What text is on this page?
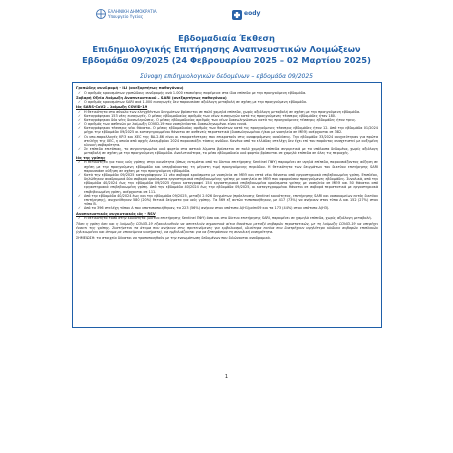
ΕΛΛΗΝΙΚΗ ΔΗΜΟΚΡΑΤΙΑ
Υπουργείο Υγείας	eody
Εβδομαδιαία Έκθεση
Επιδημιολογικής Επιτήρησης Αναπνευστικών Λοιμώξεων
Εβδομάδα 09/2025 (24 Φεβρουαρίου 2025 – 02 Μαρτίου 2025)
Σύνοψη επιδημιολογικών δεδομένων – εβδομάδα 09/2025
Γριπώδης συνδρομή - ILI (ανεξαρτήτως παθογόνου)
✓ Ο αριθμός κρουσμάτων γριπώδους συνδρομής ανά 1.000 επισκέψεις παρέμεινε στα ίδια επίπεδα με την προηγούμενη εβδομάδα.
Σοβαρή Οξεία Λοίμωξη Αναπνευστικού – SARI (ανεξαρτήτως παθογόνου)
✓ Ο αριθμός κρουσμάτων SARI ανά 1.000 εισαγωγές δεν παρουσιάσε αξιόλογη μεταβολή σε σχέση με την προηγούμενη εβδομάδα.
Ιός SARS-CoV2 – λοίμωξη COVID-19
✓ Η θετικότητα στο σύνολο των ελεγχθέντων δειγμάτων βρίσκεται σε πολύ χαμηλά επίπεδα, χωρίς αξιόλογη μεταβολή σε σχέση με την προηγούμενη εβδομάδα.
✓ Καταγράφηκαν 153 νέες εισαγωγές. Ο μέσος εβδομαδιαίος αριθμός των νέων εισαγωγών κατά τις προηγούμενες τέσσερις εβδομάδες ήταν 180.
✓ Καταγράφηκαν δύο νέες διασωληνώσεις. Ο μέσος εβδομαδιαίος αριθμός των νέων διασωληνώσεων κατά τις προηγούμενες τέσσερις εβδομάδες ήταν τρεις.
✓ Ο αριθμός των ασθενών με λοίμωξη COVID-19 που νοσηλεύονται διασωληνωμένοι είναι εννιά.
✓ Καταγράφηκαν τέσσερις νέοι θάνατοι. Ο μέσος εβδομαδιαίος αριθμός των θανάτων κατά τις προηγούμενες τέσσερις εβδομάδες ήταν 12. Από την εβδομάδα 01/2024 μέχρι την εβδομάδα 09/2025 οι καταγεγραμμένοι θάνατοι σε ασθενείς περιστατικά (διασωληνωμένοι ή/και με νοσηλεία σε ΜΕΘ) ανέρχονται σε 382.
✓ Οι υπο-παραλλαγές KP.3 και XEC της BA.2.86 είναι οι επικρατέστερες που επικρατούν στις αναφερόμενες αναλύσεις. Την εβδομάδα 33/2024 ανιχνεύτηκαν για πρώτα στελέχη της XEC, η οποία από αρχές Δεκεμβρίου 2024 παρουσιάζει τάσεις ανόδου. Κανένα από τα ελλάδας στελέχη δεν έχει επί του παρόντος συσχετιστεί με αυξημένη κλινική σοβαρότητα.
✓ Σε επίπεδο επιτόπιας, το συγκεντρωμένο ιικό φορτίο στα αστικά λύματα βρίσκεται σε πολύ χαμηλά επίπεδα συγκριτικά με τα υπόλοιπα δεδομένα, χωρίς αξιόλογη μεταβολή σε σχέση με την προηγούμενη εβδομάδα. Αναλυτικότερα, το μέσο εβδομαδιαίο ιικό φορτίο βρίσκεται σε χαμηλά επίπεδα σε όλες τις περιοχές.
Ιός της γρίπης
✓ Η θετικότητα για τους ιούς γρίπης στην κοινότητα (όπως εκτιμάται από το δίκτυο επιτήρησης Sentinel ΠΦΥ) παραμένει σε υψηλά επίπεδα, παρουσιάζοντας αύξηση σε σχέση με την προηγούμενη εβδομάδα και υπερβαίνοντας τη μέγιστη τιμή προηγούμενης περιόδου. Η θετικότητα των δειγμάτων του δικτύου επιτήρησης SARI παρουσιάσε αύξηση σε σχέση με την προηγούμενη εβδομάδα.
✓ Κατά την εβδομάδα 09/2025 καταγράφηκαν 11 νέα σοβαρά κρούσματα με νοσηλεία σε ΜΕΘ και επτά νέοι θάνατοι από εργαστηριακά επιβεβαιωμένη γρίπη. Επιπλέον, δηλώθηκαν αναδρομικά δύο σοβαρά κρούσματα εργαστηριακά επιβεβαιωμένης γρίπης με νοσηλεία σε ΜΕΘ που αφορούσαν προηγούμενες εβδομάδες. Συνολικά, από την εβδομάδα 40/2024 έως την εβδομάδα 09/2025 έχουν καταγραφεί 154 εργαστηριακά επιβεβαιωμένα κρούσματα γρίπης με νοσηλεία σε ΜΕΘ και 50 θάνατοι από εργαστηριακά επιβεβαιωμένη γρίπη. Από την εβδομάδα 40/2024 έως την εβδομάδα 09/2025, οι καταγεγραμμένοι θάνατοι σε σοβαρά περιστατικά με εργαστηριακά επιβεβαιωμένη γρίπη, ανέρχονται σε 111.
✓ Από την εβδομάδα 40/2024 έως και την εβδομάδα 09/2025, μεταξύ 2.926 δειγμάτων (πρόελευσης Sentinel κοινότητας, επιτήρησης SARI και νοσοκομείων εκτός δικτύου επιτήρησης), ανιχνεύθηκαν 580 (20%) θετικά δείγματα για ιούς γρίπης. Τα 569 εξ αυτών τυποποιήθηκαν, με 417 (73%) να ανήκουν στον τύπο Α και 152 (27%) στον τύπο Β.
✓ Από τα 396 στελέχη τύπου Α που υποτυποποιήθηκαν, τα 223 (56%) ανήκαν στον υπότυπο A(H1)pdm09 και τα 173 (44%) στον υπότυπο A(H3).
Αναπνευστικός συγκυτιακός ιός - RSV
✓ Η θετικότητα τόσο στην κοινότητα (δίκτυο επιτήρησης Sentinel ΠΦΥ) όσο και στο δίκτυο επιτήρησης SARI, παραμένει σε χαμηλά επίπεδα, χωρίς αξιόλογη μεταβολή.
Τόσο η γρίπη όσο και η λοίμωξη COVID-19 εξακολουθούν να αποτελούν σημαντικά αίτια θανάτων μεταξύ σοβαρών περιστατικών, με τη λοίμωξη COVID-19 να υπερέχει έναντι της γρίπης. Συστήνεται τα άτομα που ανήκουν στις προτεινόμενες για εμβολιασμό, ιδιαίτερα εκείνα που διατρέχουν υψηλότερο κίνδυνο σοβαρών επιπλοκών (ηλικιωμένοι και άτομα με υποκείμενα νοσήματα), να εμβολιάζονται για να ξεπεράσουν τη συνολική νοσηρότητα.
ΣΗΜΕΙΩΣΗ: τα στοιχεία δύναται να τροποποιηθούν με την ενσωμάτωση δεδομένων που διλώνονται αναδρομικά.
1
